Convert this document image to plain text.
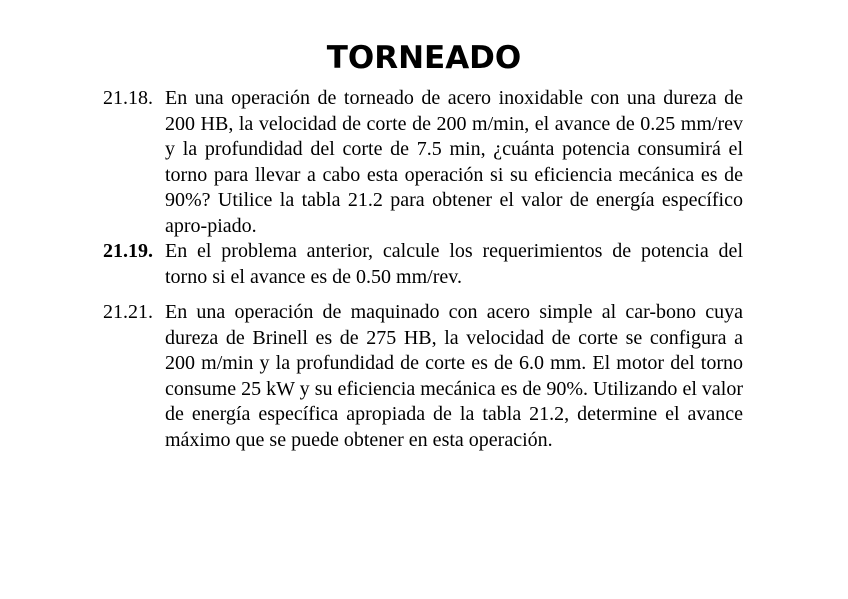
TORNEADO
21.18. En una operación de torneado de acero inoxidable con una dureza de 200 HB, la velocidad de corte de 200 m/min, el avance de 0.25 mm/rev y la profundidad del corte de 7.5 min, ¿cuánta potencia consumirá el torno para llevar a cabo esta operación si su eficiencia mecánica es de 90%? Utilice la tabla 21.2 para obtener el valor de energía específico apro-piado.
21.19. En el problema anterior, calcule los requerimientos de potencia del torno si el avance es de 0.50 mm/rev.
21.21. En una operación de maquinado con acero simple al car-bono cuya dureza de Brinell es de 275 HB, la velocidad de corte se configura a 200 m/min y la profundidad de corte es de 6.0 mm. El motor del torno consume 25 kW y su eficiencia mecánica es de 90%. Utilizando el valor de energía específica apropiada de la tabla 21.2, determine el avance máximo que se puede obtener en esta operación.
